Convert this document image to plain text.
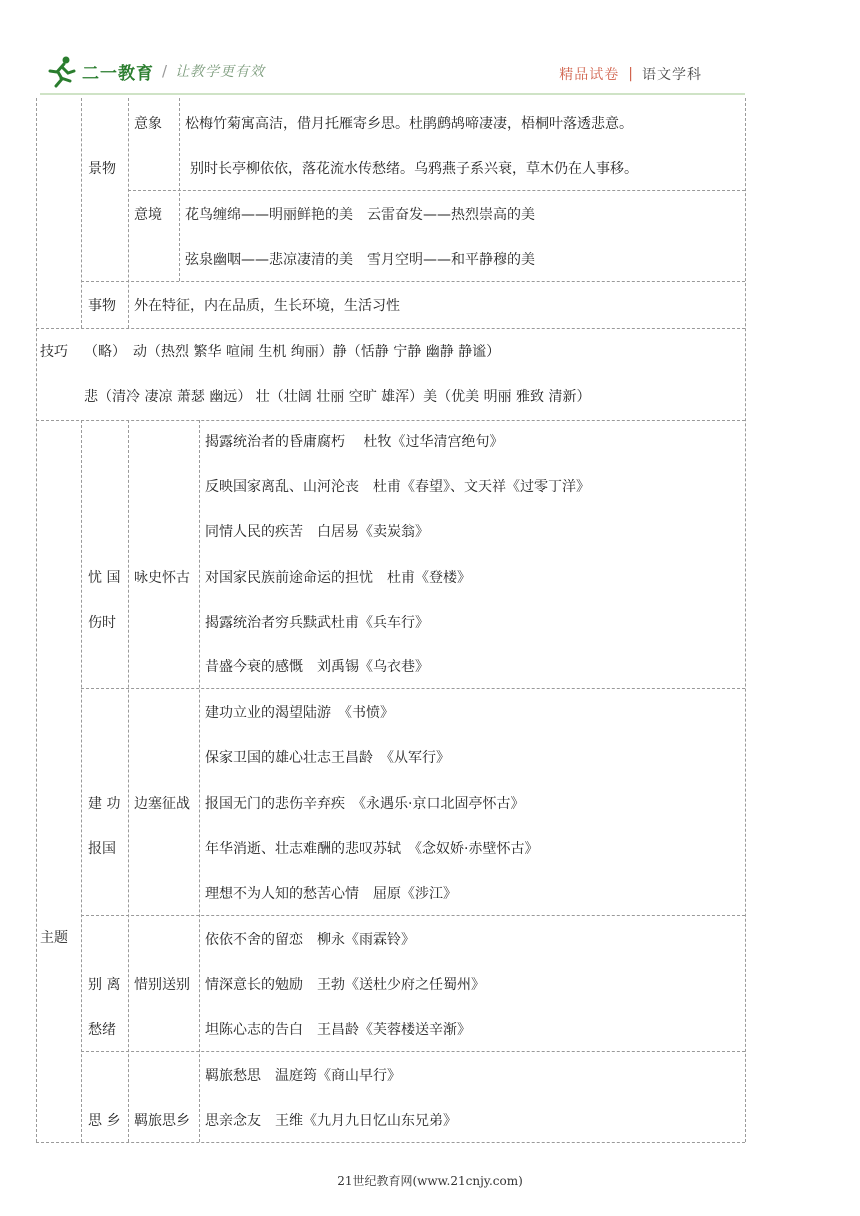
二一教育 / 让教学更有效	精品试卷 | 语文学科
景物
意象 松梅竹菊寓高洁，借月托雁寄乡思。杜鹃鹧鸪啼凄凄，梧桐叶落透悲意。
别时长亭柳依依，落花流水传愁绪。乌鸦燕子系兴衰，草木仍在人事移。
意境 花鸟缠绵——明丽鲜艳的美　云雷奋发——热烈崇高的美
弦泉幽咽——悲凉凄清的美　雪月空明——和平静穆的美
事物 外在特征，内在品质，生长环境，生活习性
技巧 （略）　动（热烈 繁华 喧闹 生机 绚丽）静（恬静 宁静 幽静 静谧）
悲（清冷 凄凉 萧瑟 幽远） 壮（壮阔 壮丽 空旷 雄浑）美（优美 明丽 雅致 清新）
主题
忧 国
伤时
咏史怀古
揭露统治者的昏庸腐朽　 杜牧《过华清宫绝句》
反映国家离乱、山河沦丧　杜甫《春望》、文天祥《过零丁洋》
同情人民的疾苦　白居易《卖炭翁》
对国家民族前途命运的担忧　杜甫《登楼》
揭露统治者穷兵黩武杜甫《兵车行》
昔盛今衰的感慨　刘禹锡《乌衣巷》
建 功
报国
边塞征战
建功立业的渴望陆游　《书愤》
保家卫国的雄心壮志王昌龄　《从军行》
报国无门的悲伤辛弃疾　《永遇乐·京口北固亭怀古》
年华消逝、壮志难酬的悲叹苏轼　《念奴娇·赤壁怀古》
理想不为人知的愁苦心情　屈原《涉江》
别 离
愁绪
惜别送别
依依不舍的留恋　柳永《雨霖铃》
情深意长的勉励　王勃《送杜少府之任蜀州》
坦陈心志的告白　王昌龄《芙蓉楼送辛渐》
思 乡 羁旅思乡
羁旅愁思　温庭筠《商山早行》
思亲念友　王维《九月九日忆山东兄弟》
21世纪教育网(www.21cnjy.com)
